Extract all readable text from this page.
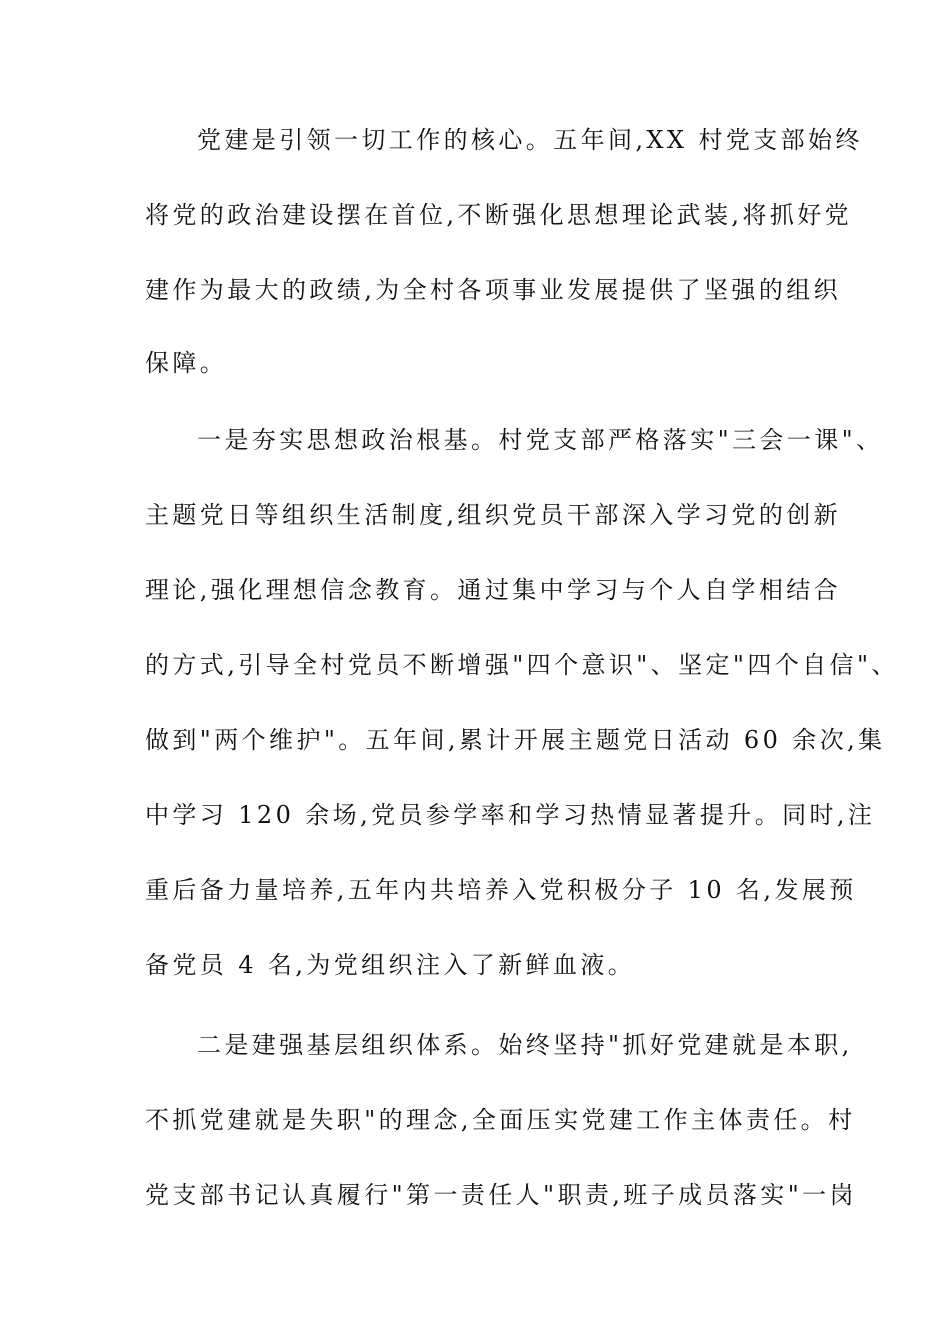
党建是引领一切工作的核心。五年间,XX 村党支部始终
将党的政治建设摆在首位,不断强化思想理论武装,将抓好党
建作为最大的政绩,为全村各项事业发展提供了坚强的组织
保障。
一是夯实思想政治根基。村党支部严格落实"三会一课"、
主题党日等组织生活制度,组织党员干部深入学习党的创新
理论,强化理想信念教育。通过集中学习与个人自学相结合
的方式,引导全村党员不断增强"四个意识"、坚定"四个自信"、
做到"两个维护"。五年间,累计开展主题党日活动 60 余次,集
中学习 120 余场,党员参学率和学习热情显著提升。同时,注
重后备力量培养,五年内共培养入党积极分子 10 名,发展预
备党员 4 名,为党组织注入了新鲜血液。
二是建强基层组织体系。始终坚持"抓好党建就是本职,
不抓党建就是失职"的理念,全面压实党建工作主体责任。村
党支部书记认真履行"第一责任人"职责,班子成员落实"一岗
